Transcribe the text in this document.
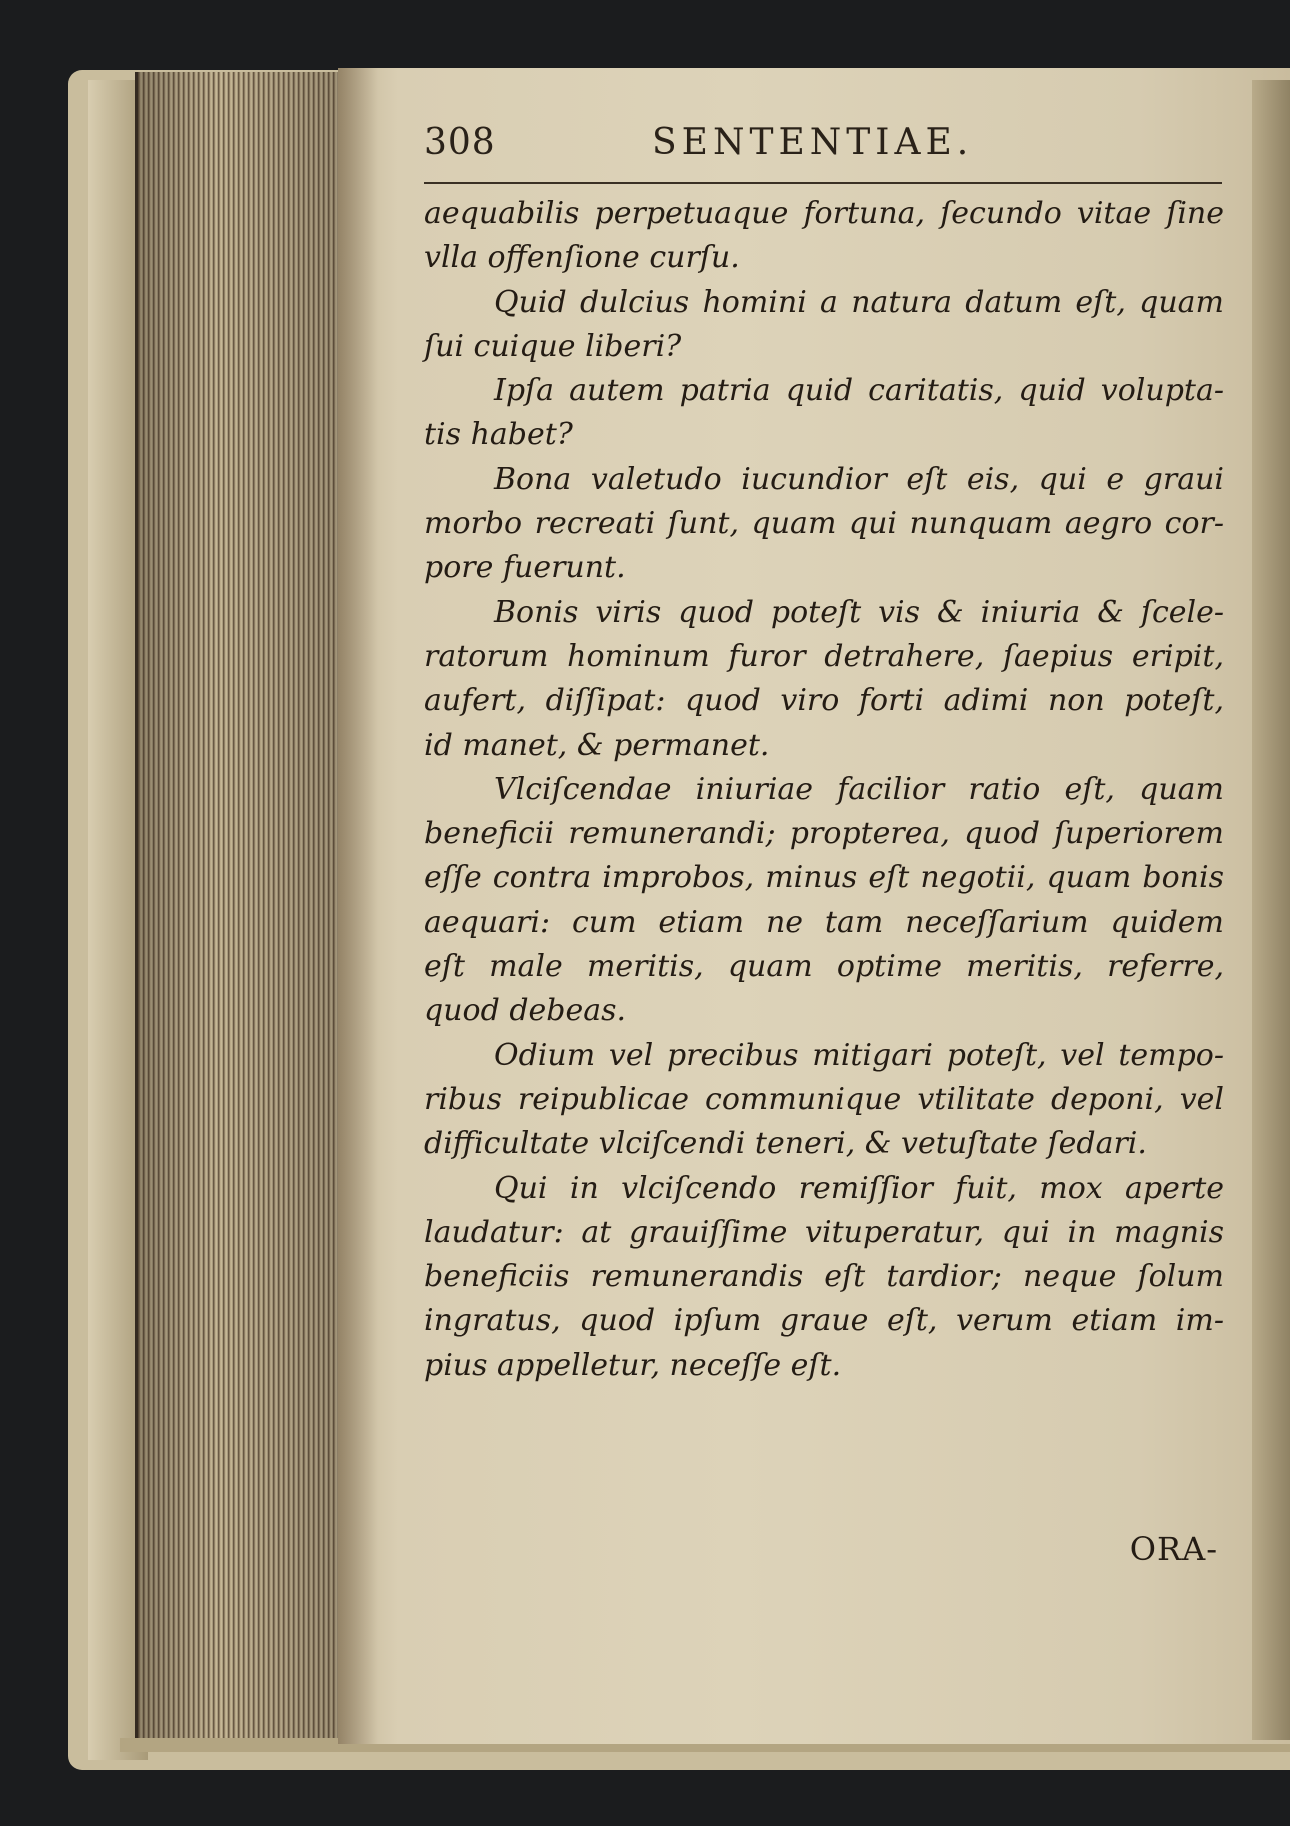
308	SENTENTIAE.
aequabilis perpetuaque fortuna, ſecundo vitae ſine
vlla offenſione curſu.
Quid dulcius homini a natura datum eſt, quam
ſui cuique liberi?
Ipſa autem patria quid caritatis, quid volupta-
tis habet?
Bona valetudo iucundior eſt eis, qui e graui
morbo recreati ſunt, quam qui nunquam aegro cor-
pore fuerunt.
Bonis viris quod poteſt vis & iniuria & ſcele-
ratorum hominum furor detrahere, ſaepius eripit,
aufert, diſſipat: quod viro forti adimi non poteſt,
id manet, & permanet.
Vlciſcendae iniuriae facilior ratio eſt, quam
beneficii remunerandi; propterea, quod ſuperiorem
eſſe contra improbos, minus eſt negotii, quam bonis
aequari: cum etiam ne tam neceſſarium quidem
eſt male meritis, quam optime meritis, referre,
quod debeas.
Odium vel precibus mitigari poteſt, vel tempo-
ribus reipublicae communique vtilitate deponi, vel
difficultate vlciſcendi teneri, & vetuſtate ſedari.
Qui in vlciſcendo remiſſior fuit, mox aperte
laudatur: at grauiſſime vituperatur, qui in magnis
beneficiis remunerandis eſt tardior; neque ſolum
ingratus, quod ipſum graue eſt, verum etiam im-
pius appelletur, neceſſe eſt.
ORA-
